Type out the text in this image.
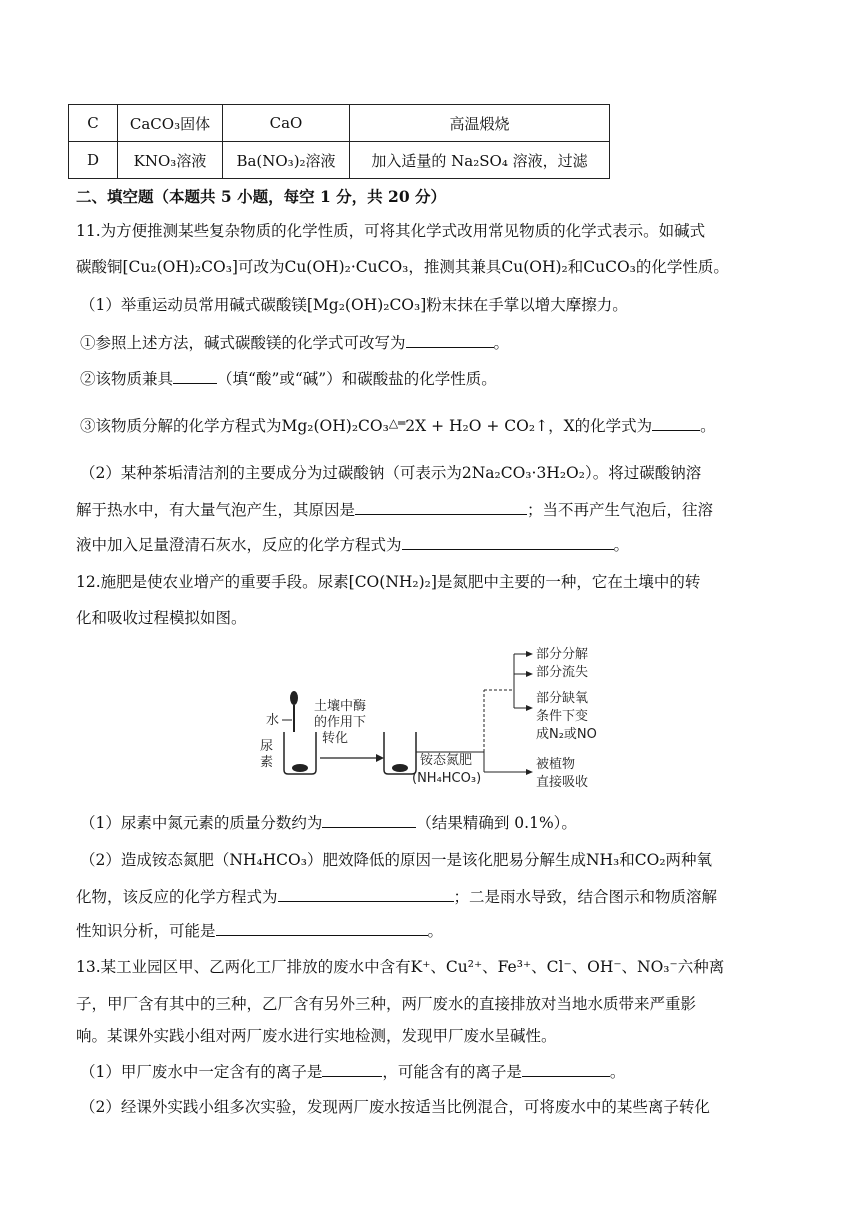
C	CaCO₃固体	CaO	高温煅烧
D	KNO₃溶液	Ba(NO₃)₂溶液	加入适量的 Na₂SO₄ 溶液，过滤
二、填空题（本题共 5 小题，每空 1 分，共 20 分）
11.为方便推测某些复杂物质的化学性质，可将其化学式改用常见物质的化学式表示。如碱式
碳酸铜[Cu₂(OH)₂CO₃]可改为Cu(OH)₂·CuCO₃，推测其兼具Cu(OH)₂和CuCO₃的化学性质。
（1）举重运动员常用碱式碳酸镁[Mg₂(OH)₂CO₃]粉末抹在手掌以增大摩擦力。
①参照上述方法，碱式碳酸镁的化学式可改写为	。
②该物质兼具	（填“酸”或“碱”）和碳酸盐的化学性质。
③该物质分解的化学方程式为Mg₂(OH)₂CO₃△═2X + H₂O + CO₂↑，X的化学式为	。
（2）某种茶垢清洁剂的主要成分为过碳酸钠（可表示为2Na₂CO₃·3H₂O₂）。将过碳酸钠溶
解于热水中，有大量气泡产生，其原因是	；当不再产生气泡后，往溶
液中加入足量澄清石灰水，反应的化学方程式为	。
12.施肥是使农业增产的重要手段。尿素[CO(NH₂)₂]是氮肥中主要的一种，它在土壤中的转
化和吸收过程模拟如图。
水
尿
素
土壤中酶
的作用下
转化
铵态氮肥
(NH₄HCO₃)
部分分解
部分流失
部分缺氧
条件下变
成N₂或NO
被植物
直接吸收
（1）尿素中氮元素的质量分数约为	（结果精确到 0.1%）。
（2）造成铵态氮肥（NH₄HCO₃）肥效降低的原因一是该化肥易分解生成NH₃和CO₂两种氧
化物，该反应的化学方程式为	；二是雨水导致，结合图示和物质溶解
性知识分析，可能是	。
13.某工业园区甲、乙两化工厂排放的废水中含有K⁺、Cu²⁺、Fe³⁺、Cl⁻、OH⁻、NO₃⁻六种离
子，甲厂含有其中的三种，乙厂含有另外三种，两厂废水的直接排放对当地水质带来严重影
响。某课外实践小组对两厂废水进行实地检测，发现甲厂废水呈碱性。
（1）甲厂废水中一定含有的离子是	，可能含有的离子是	。
（2）经课外实践小组多次实验，发现两厂废水按适当比例混合，可将废水中的某些离子转化
